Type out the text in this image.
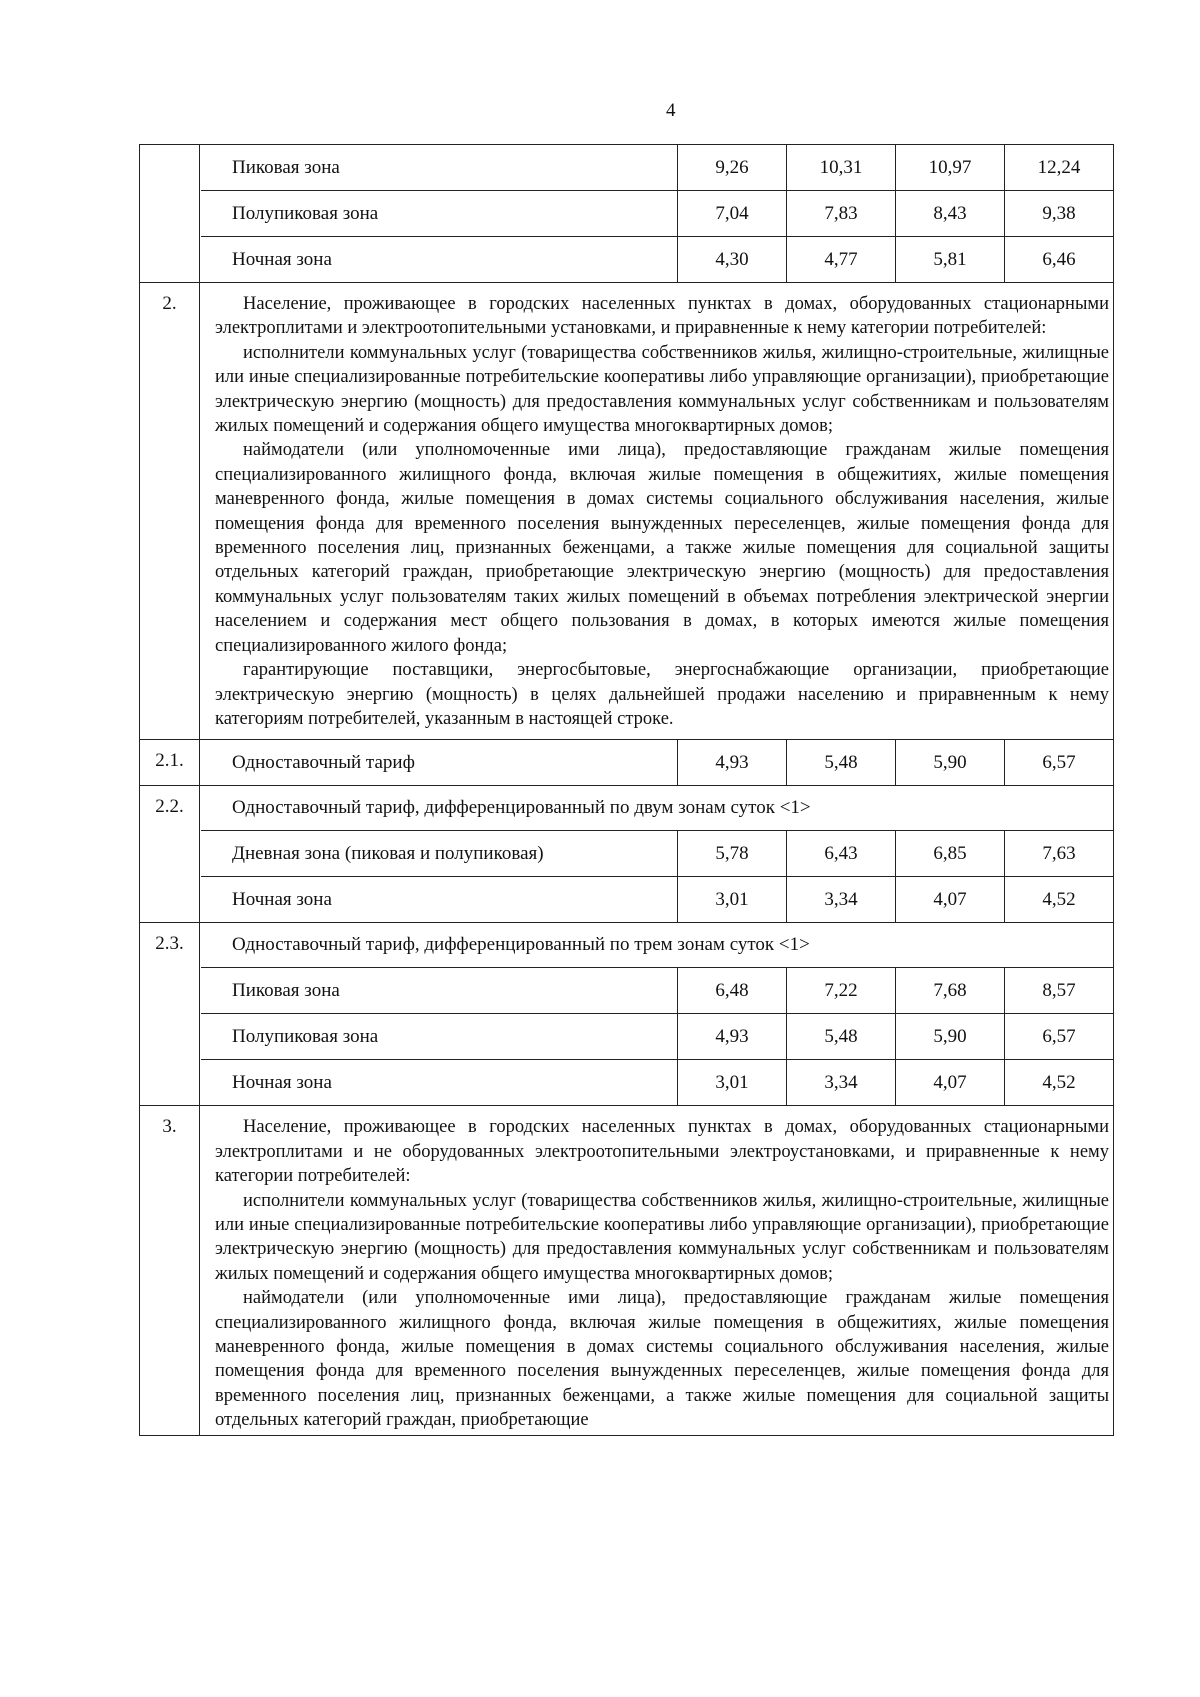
4
Пиковая зона	9,26	10,31	10,97	12,24
Полупиковая зона	7,04	7,83	8,43	9,38
Ночная зона	4,30	4,77	5,81	6,46
2.	Население, проживающее в городских населенных пунктах в домах, оборудованных стационарными электроплитами и электроотопительными установками, и приравненные к нему категории потребителей:

исполнители коммунальных услуг (товарищества собственников жилья, жилищно-строительные, жилищные или иные специализированные потребительские кооперативы либо управляющие организации), приобретающие электрическую энергию (мощность) для предоставления коммунальных услуг собственникам и пользователям жилых помещений и содержания общего имущества многоквартирных домов;

наймодатели (или уполномоченные ими лица), предоставляющие гражданам жилые помещения специализированного жилищного фонда, включая жилые помещения в общежитиях, жилые помещения маневренного фонда, жилые помещения в домах системы социального обслуживания населения, жилые помещения фонда для временного поселения вынужденных переселенцев, жилые помещения фонда для временного поселения лиц, признанных беженцами, а также жилые помещения для социальной защиты отдельных категорий граждан, приобретающие электрическую энергию (мощность) для предоставления коммунальных услуг пользователям таких жилых помещений в объемах потребления электрической энергии населением и содержания мест общего пользования в домах, в которых имеются жилые помещения специализированного жилого фонда;

гарантирующие поставщики, энергосбытовые, энергоснабжающие организации, приобретающие электрическую энергию (мощность) в целях дальнейшей продажи населению и приравненным к нему категориям потребителей, указанным в настоящей строке.

2.1.	Одноставочный тариф	4,93	5,48	5,90	6,57
2.2.	Одноставочный тариф, дифференцированный по двум зонам суток <1>
Дневная зона (пиковая и полупиковая)	5,78	6,43	6,85	7,63
Ночная зона	3,01	3,34	4,07	4,52
2.3.	Одноставочный тариф, дифференцированный по трем зонам суток <1>
Пиковая зона	6,48	7,22	7,68	8,57
Полупиковая зона	4,93	5,48	5,90	6,57
Ночная зона	3,01	3,34	4,07	4,52
3.	Население, проживающее в городских населенных пунктах в домах, оборудованных стационарными электроплитами и не оборудованных электроотопительными электроустановками, и приравненные к нему категории потребителей:

исполнители коммунальных услуг (товарищества собственников жилья, жилищно-строительные, жилищные или иные специализированные потребительские кооперативы либо управляющие организации), приобретающие электрическую энергию (мощность) для предоставления коммунальных услуг собственникам и пользователям жилых помещений и содержания общего имущества многоквартирных домов;

наймодатели (или уполномоченные ими лица), предоставляющие гражданам жилые помещения специализированного жилищного фонда, включая жилые помещения в общежитиях, жилые помещения маневренного фонда, жилые помещения в домах системы социального обслуживания населения, жилые помещения фонда для временного поселения вынужденных переселенцев, жилые помещения фонда для временного поселения лиц, признанных беженцами, а также жилые помещения для социальной защиты отдельных категорий граждан, приобретающие
